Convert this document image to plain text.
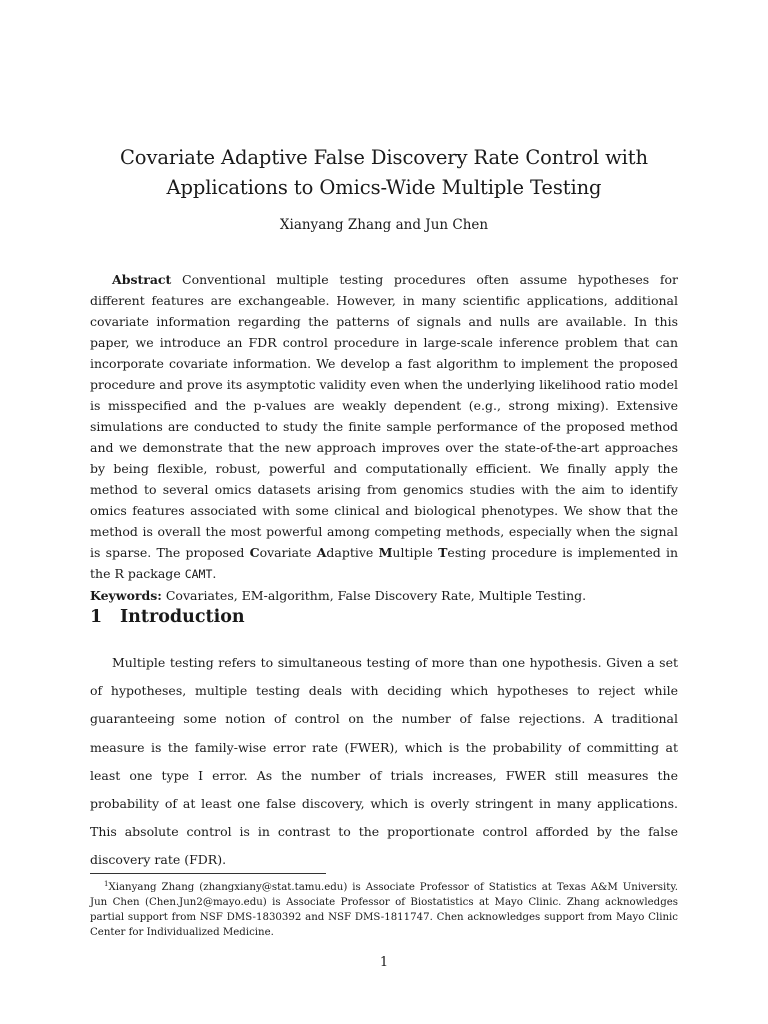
Covariate Adaptive False Discovery Rate Control with
Applications to Omics-Wide Multiple Testing
Xianyang Zhang and Jun Chen

Abstract Conventional multiple testing procedures often assume hypotheses for different features are exchangeable. However, in many scientific applications, additional covariate information regarding the patterns of signals and nulls are available. In this paper, we introduce an FDR control procedure in large-scale inference problem that can incorporate covariate information. We develop a fast algorithm to implement the proposed procedure and prove its asymptotic validity even when the underlying likelihood ratio model is misspecified and the p-values are weakly dependent (e.g., strong mixing). Extensive simulations are conducted to study the finite sample performance of the proposed method and we demonstrate that the new approach improves over the state-of-the-art approaches by being flexible, robust, powerful and computationally efficient. We finally apply the method to several omics datasets arising from genomics studies with the aim to identify omics features associated with some clinical and biological phenotypes. We show that the method is overall the most powerful among competing methods, especially when the signal is sparse. The proposed Covariate Adaptive Multiple Testing procedure is implemented in the R package CAMT.

Keywords: Covariates, EM-algorithm, False Discovery Rate, Multiple Testing.
1 Introduction

Multiple testing refers to simultaneous testing of more than one hypothesis. Given a set of hypotheses, multiple testing deals with deciding which hypotheses to reject while guaranteeing some notion of control on the number of false rejections. A traditional measure is the family-wise error rate (FWER), which is the probability of committing at least one type I error. As the number of trials increases, FWER still measures the probability of at least one false discovery, which is overly stringent in many applications. This absolute control is in contrast to the proportionate control afforded by the false discovery rate (FDR).

$^1$Xianyang Zhang (zhangxiany@stat.tamu.edu) is Associate Professor of Statistics at Texas A&M University. Jun Chen (Chen.Jun2@mayo.edu) is Associate Professor of Biostatistics at Mayo Clinic. Zhang acknowledges partial support from NSF DMS-1830392 and NSF DMS-1811747. Chen acknowledges support from Mayo Clinic Center for Individualized Medicine.

1
